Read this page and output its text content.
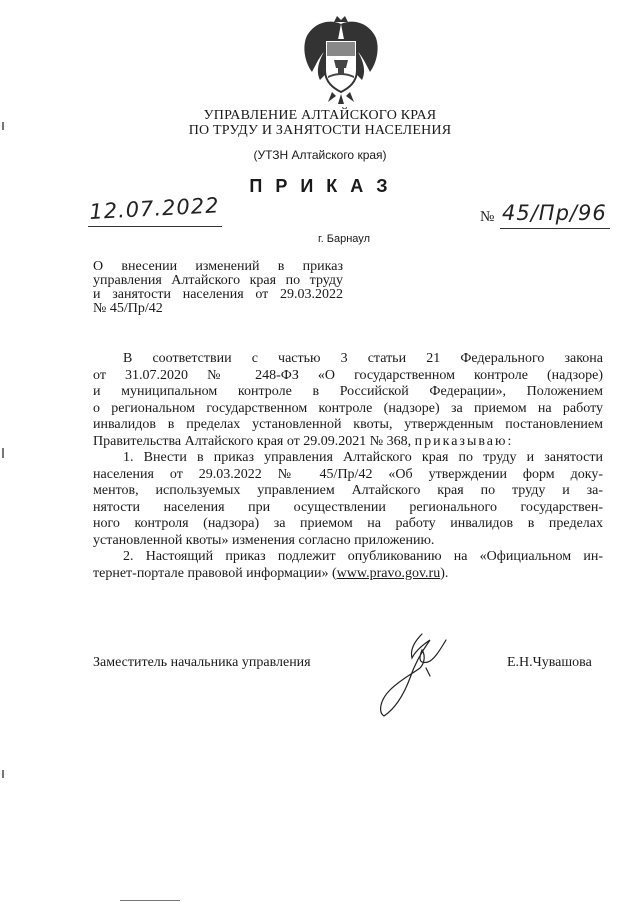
УПРАВЛЕНИЕ АЛТАЙСКОГО КРАЯ
ПО ТРУДУ И ЗАНЯТОСТИ НАСЕЛЕНИЯ
(УТЗН Алтайского края)
ПРИКАЗ
12.07.2022	№ 45/Пр/96
г. Барнаул
О внесении изменений в приказ
управления Алтайского края по труду
и занятости населения от 29.03.2022
№ 45/Пр/42
В соответствии с частью 3 статьи 21 Федерального закона
от 31.07.2020 № 248-ФЗ «О государственном контроле (надзоре)
и муниципальном контроле в Российской Федерации», Положением
о региональном государственном контроле (надзоре) за приемом на работу
инвалидов в пределах установленной квоты, утвержденным постановлением
Правительства Алтайского края от 29.09.2021 № 368, приказываю:
1. Внести в приказ управления Алтайского края по труду и занятости
населения от 29.03.2022 № 45/Пр/42 «Об утверждении форм доку-
ментов, используемых управлением Алтайского края по труду и за-
нятости населения при осуществлении регионального государствен-
ного контроля (надзора) за приемом на работу инвалидов в пределах
установленной квоты» изменения согласно приложению.
2. Настоящий приказ подлежит опубликованию на «Официальном ин-
тернет-портале правовой информации» (www.pravo.gov.ru).
Заместитель начальника управления	Е.Н.Чувашова
